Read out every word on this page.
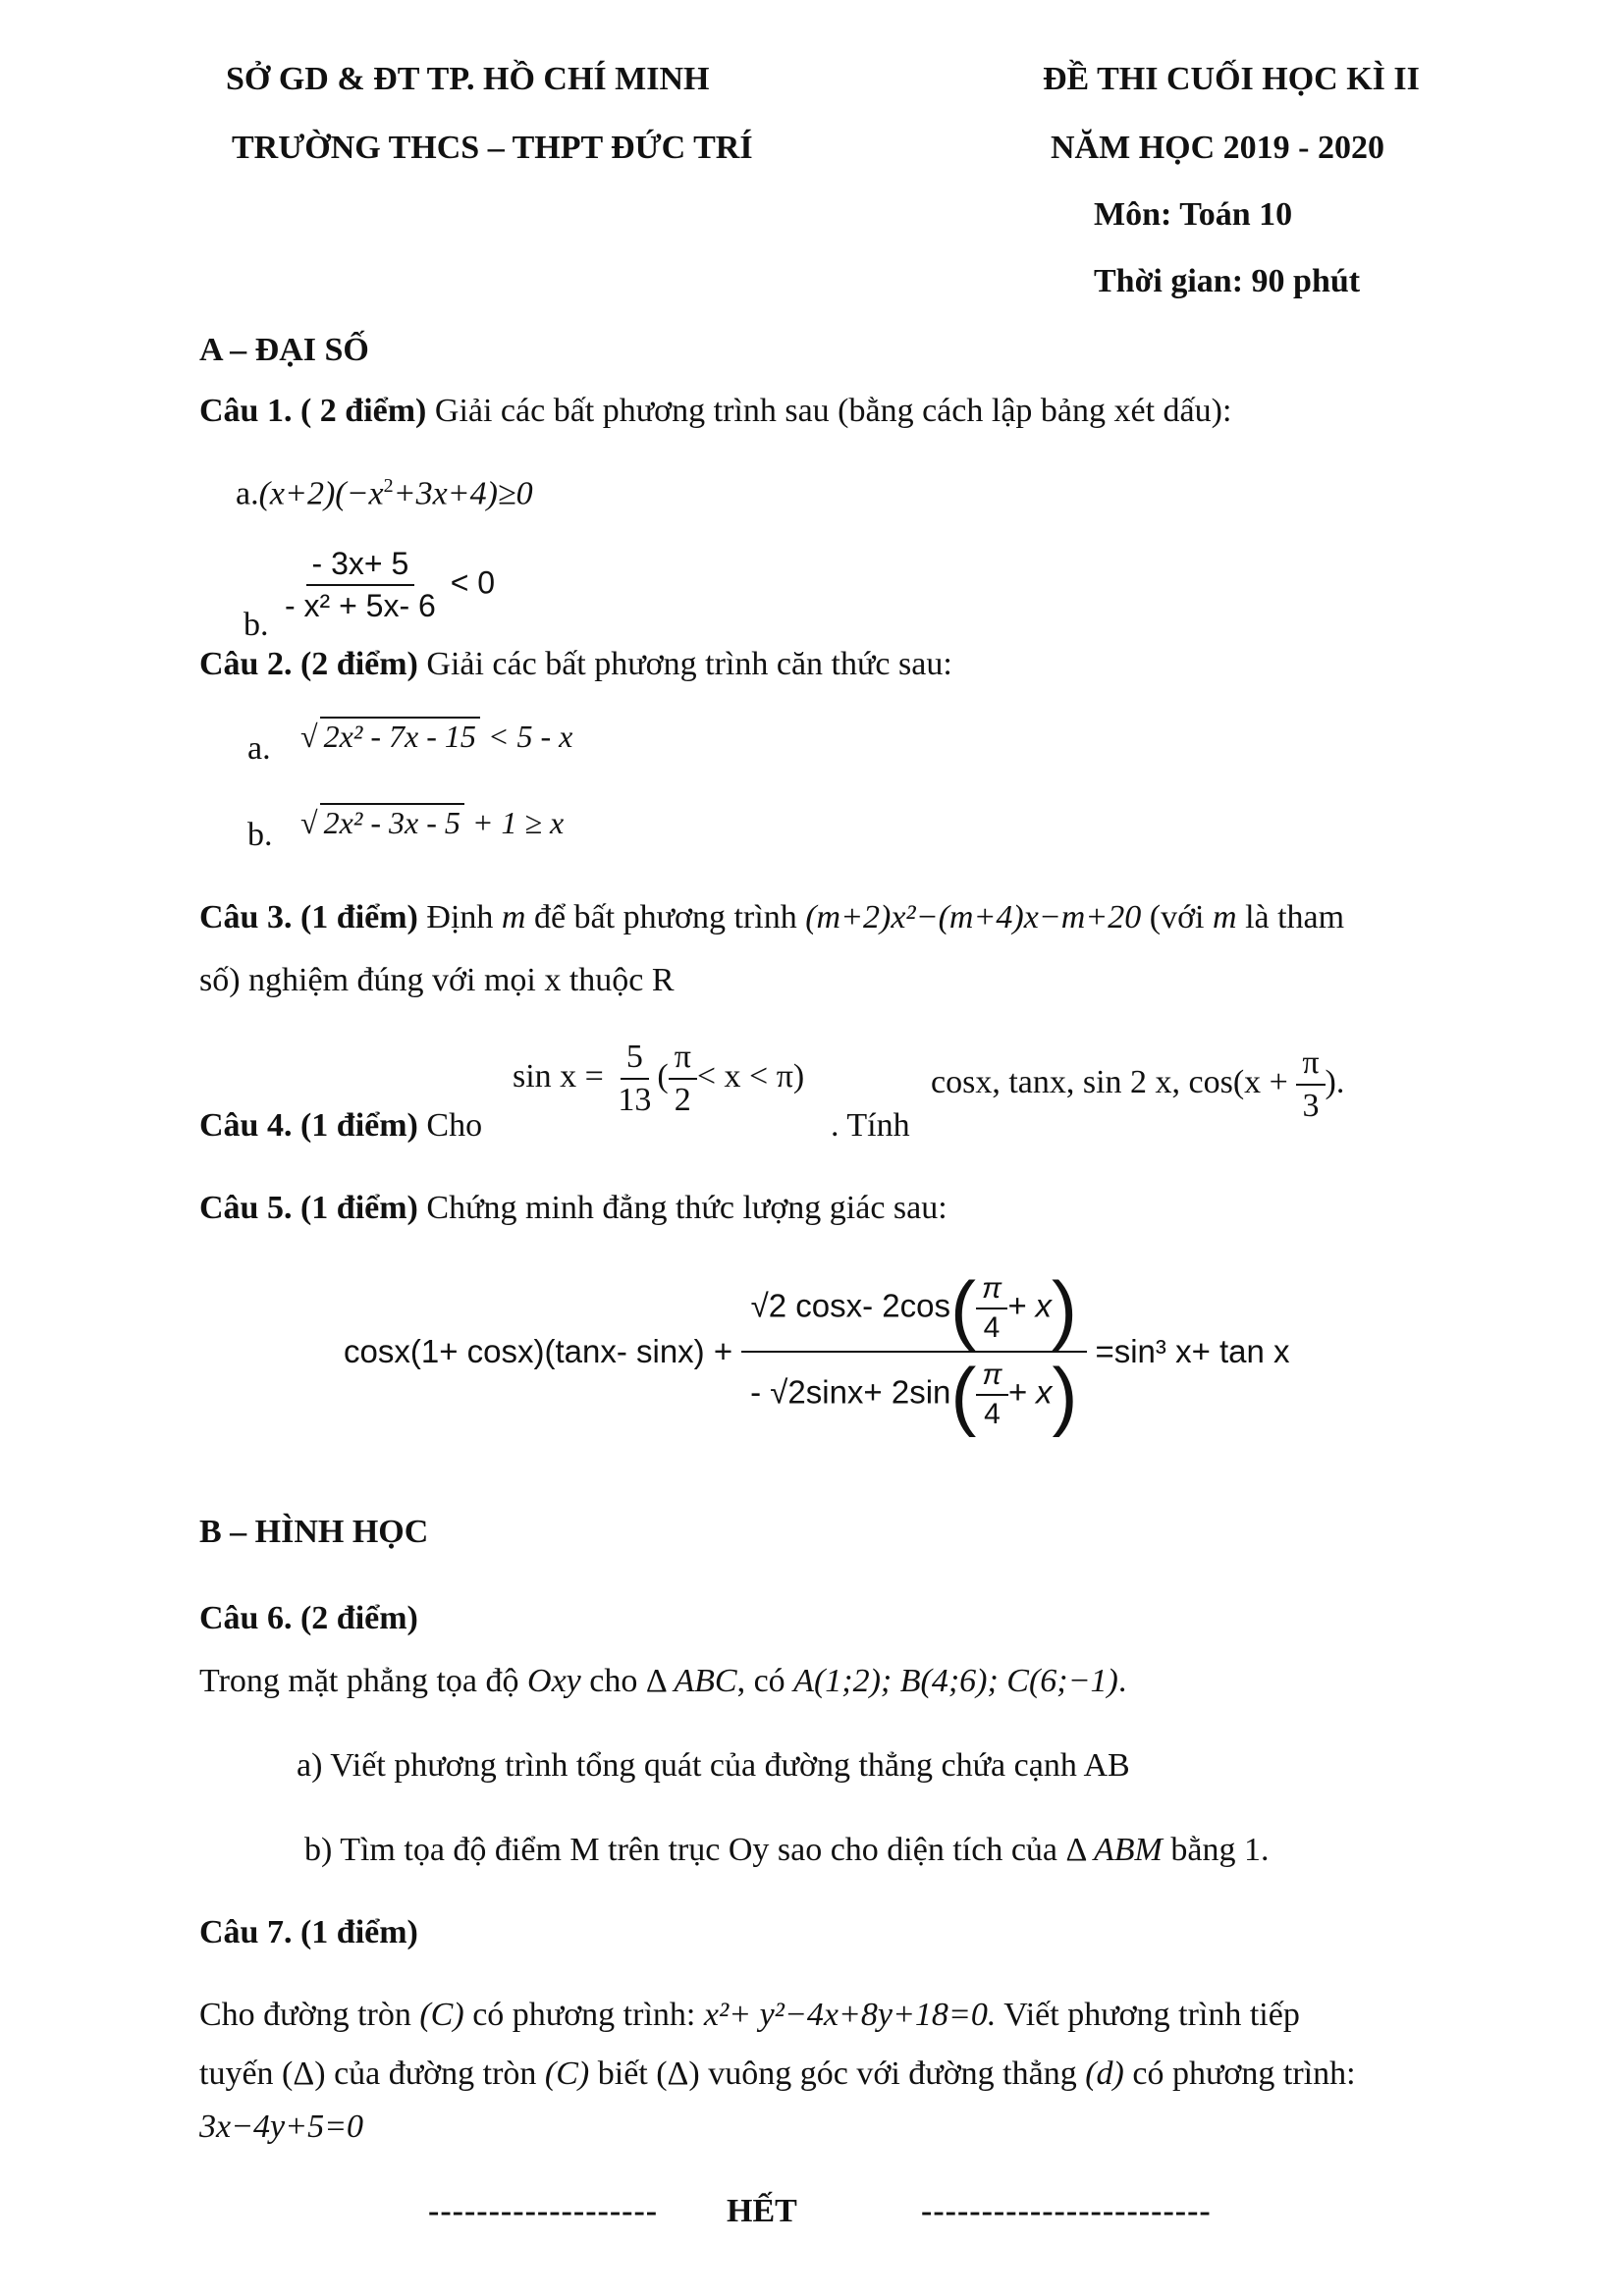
SỞ GD & ĐT TP. HỒ CHÍ MINH
TRƯỜNG THCS – THPT ĐỨC TRÍ
ĐỀ THI CUỐI HỌC KÌ II
NĂM HỌC 2019 - 2020
Môn: Toán 10
Thời gian: 90 phút
A – ĐẠI SỐ
Câu 1. ( 2 điểm) Giải các bất phương trình sau (bằng cách lập bảng xét dấu):
$a.(x+2)(-x^2+3x+4)\ge 0$
b.
$\frac{- 3x+ 5}{\text{- x² + 5x- 6}} < 0$
Câu 2. (2 điểm) Giải các bất phương trình căn thức sau:
a. √ 2x² - 7x - 15 < 5 - x
b. √ 2x² - 3x - 5 + 1 ≥ x
Câu 3. (1 điểm) Định m để bất phương trình (m+2)x²−(m+4)x−m+20 (với m là tham
số) nghiệm đúng với mọi x thuộc R
Câu 4. (1 điểm) Cho
$\sin x = \frac{5}{13}$ ( $\frac{\pi}{2} < x < \pi$)
. Tính
cosx, tanx, sin 2 x, $\cos(x + \frac{\pi}{3}$ ).
Câu 5. (1 điểm) Chứng minh đẳng thức lượng giác sau:
cosx(1+ cosx)(tanx- $\sin x) + \frac{√2 \cos x- 2\cos( \frac{\pi}{4} + x)}{- √2\sin x+ 2\sin( \frac{\pi}{4} + x)} =\sin^3$ x+ tan x
B – HÌNH HỌC
Câu 6. (2 điểm)
Trong mặt phẳng tọa độ Oxy cho Δ ABC, có A(1;2); B(4;6); C(6;−1).
a) Viết phương trình tổng quát của đường thẳng chứa cạnh AB
b) Tìm tọa độ điểm M trên trục Oy sao cho diện tích của Δ ABM bằng 1.
Câu 7. (1 điểm)
Cho đường tròn (C) có phương trình: x²+ y²−4x+8y+18=0. Viết phương trình tiếp
tuyến (Δ) của đường tròn (C) biết (Δ) vuông góc với đường thẳng (d) có phương trình:
3x−4y+5=0
------------------- HẾT	------------------------
